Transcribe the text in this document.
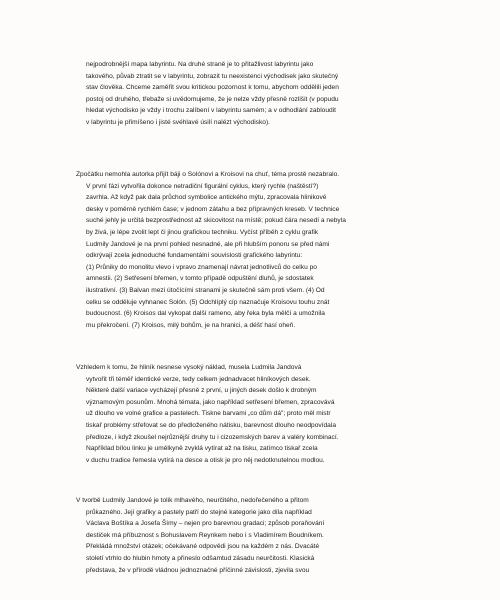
nejpodrobnější mapa labyrintu. Na druhé straně je to přitažlivost labyrintu jako
takového, půvab ztratit se v labyrintu, zobrazit tu neexistenci východisek jako skutečný
stav člověka. Chceme zaměřit svou kritickou pozornost k tomu, abychom oddělili jeden
postoj od druhého, třebaže si uvědomujeme, že je nelze vždy přesně rozlišit (v popudu
hledat východisko je vždy i trochu zalíbení v labyrintu samém; a v odhodlání zabloudit
v labyrintu je přimíšeno i jisté svéhlavé úsilí nalézt východisko).
Zpočátku nemohla autorka přijít báji o Solónovi a Kroisovi na chuť, téma prostě nezabralo.
V první fázi vytvořila dokonce netradiční figurální cyklus, který rychle (naštěstí?)
zavrhla. Až když pak dala průchod symbolice antického mýtu, zpracovala hlinikové
desky v poměrně rychlém čase; v jednom zátahu a bez přípravných kreseb. V technice
suché jehly je určitá bezprostřednost až skicovitost na místě; pokud čára nesedí a nebyla
by živá, je lépe zvolit lept či jinou grafickou techniku. Vyčíst příběh z cyklu grafik
Ludmily Jandové je na první pohled nesnadné, ale při hlubším ponoru se před námi
odkrývají zcela jednoduché fundamentální souvislosti grafického labyrintu:
(1) Průniky do monolitu vlevo i vpravo znamenají návrat jednotlivců do celku po
amnestii. (2) Setřesení břemen, v tomto případě odpuštění dluhů, je sdostatek
ilustrativní. (3) Balvan mezi útočícími stranami je skutečně sám proti všem. (4) Od
celku se odděluje vyhnanec Solón. (5) Odchlíplý cíp naznačuje Kroisovu touhu znát
budoucnost. (6) Kroisos dal vykopat další rameno, aby řeka byla mělčí a umožnila
mu překročení. (7) Kroisos, milý bohům, je na hranici, a déšť hasí oheň.
Vzhledem k tomu, že hliník nesnese vysoký náklad, musela Ludmila Jandová
vytvořit tři téměř identické verze, tedy celkem jednadvacet hliníkových desek.
Některé další variace vycházejí přesně z první, u jiných desek došlo k drobným
významovým posunům. Mnohá témata, jako například setřesení břemen, zpracovává
už dlouho ve volné grafice a pastelech. Tiskne barvami „co dům dá"; proto měl mistr
tiskař problémy střefovat se do předloženého nátisku, barevnost dlouho neodpovídala
předloze, i když zkoušel nejrůznější druhy tu i cizozemských barev a valéry kombinací.
Například bílou linku je umělkyně zvyklá vytírat až na tisku, zatímco tiskař zcela
v duchu tradice řemesla vytírá na desce a otisk je pro něj nedotknutelnou modlou.
V tvorbě Ludmily Jandové je tolik mlhavého, neurčitého, nedořečeného a přitom
průkazného. Její grafiky a pastely patří do stejné kategorie jako díla například
Václava Boštíka a Josefa Šímy – nejen pro barevnou gradaci; způsob poraňování
destiček má příbuznost s Bohuslavem Reynkem nebo i s Vladimírem Boudníkem.
Překládá množství otázek; očekávané odpovědi jsou na každém z nás. Dvacáté
století vtrhlo do hlubin hmoty a přineslo odšamtud zásadu neurčitosti. Klasická
představa, že v přírodě vládnou jednoznačné příčinné závislosti, zjevila svou
